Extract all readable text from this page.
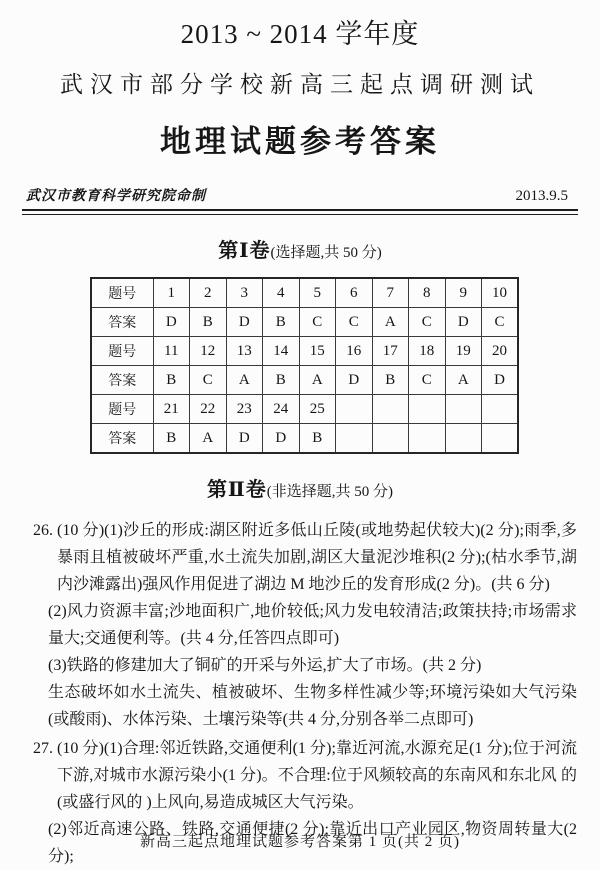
2013 ~ 2014 学年度
武汉市部分学校新高三起点调研测试
地理试题参考答案
武汉市教育科学研究院命制	2013.9.5
第Ⅰ卷(选择题,共 50 分)
题号	1	2	3	4	5	6	7	8	9	10
答案	D	B	D	B	C	C	A	C	D	C
题号	11	12	13	14	15	16	17	18	19	20
答案	B	C	A	B	A	D	B	C	A	D
题号	21	22	23	24	25					
答案	B	A	D	D	B					
第Ⅱ卷(非选择题,共 50 分)
26. (10 分)(1)沙丘的形成:湖区附近多低山丘陵(或地势起伏较大)(2 分);雨季,多暴雨且植被破坏严重,水土流失加剧,湖区大量泥沙堆积(2 分);(枯水季节,湖内沙滩露出)强风作用促进了湖边 M 地沙丘的发育形成(2 分)。(共 6 分)

(2)风力资源丰富;沙地面积广,地价较低;风力发电较清洁;政策扶持;市场需求量大;交通便利等。(共 4 分,任答四点即可)

(3)铁路的修建加大了铜矿的开采与外运,扩大了市场。(共 2 分)

生态破坏如水土流失、植被破坏、生物多样性减少等;环境污染如大气污染(或酸雨)、水体污染、土壤污染等(共 4 分,分别各举二点即可)

27. (10 分)(1)合理:邻近铁路,交通便利(1 分);靠近河流,水源充足(1 分);位于河流下游,对城市水源污染小(1 分)。不合理:位于风频较高的东南风和东北风 的 (或盛行风的 )上风向,易造成城区大气污染。

(2)邻近高速公路、铁路,交通便捷(2 分);靠近出口产业园区,物资周转量大(2 分);

新高三起点地理试题参考答案第 1 页(共 2 页)
